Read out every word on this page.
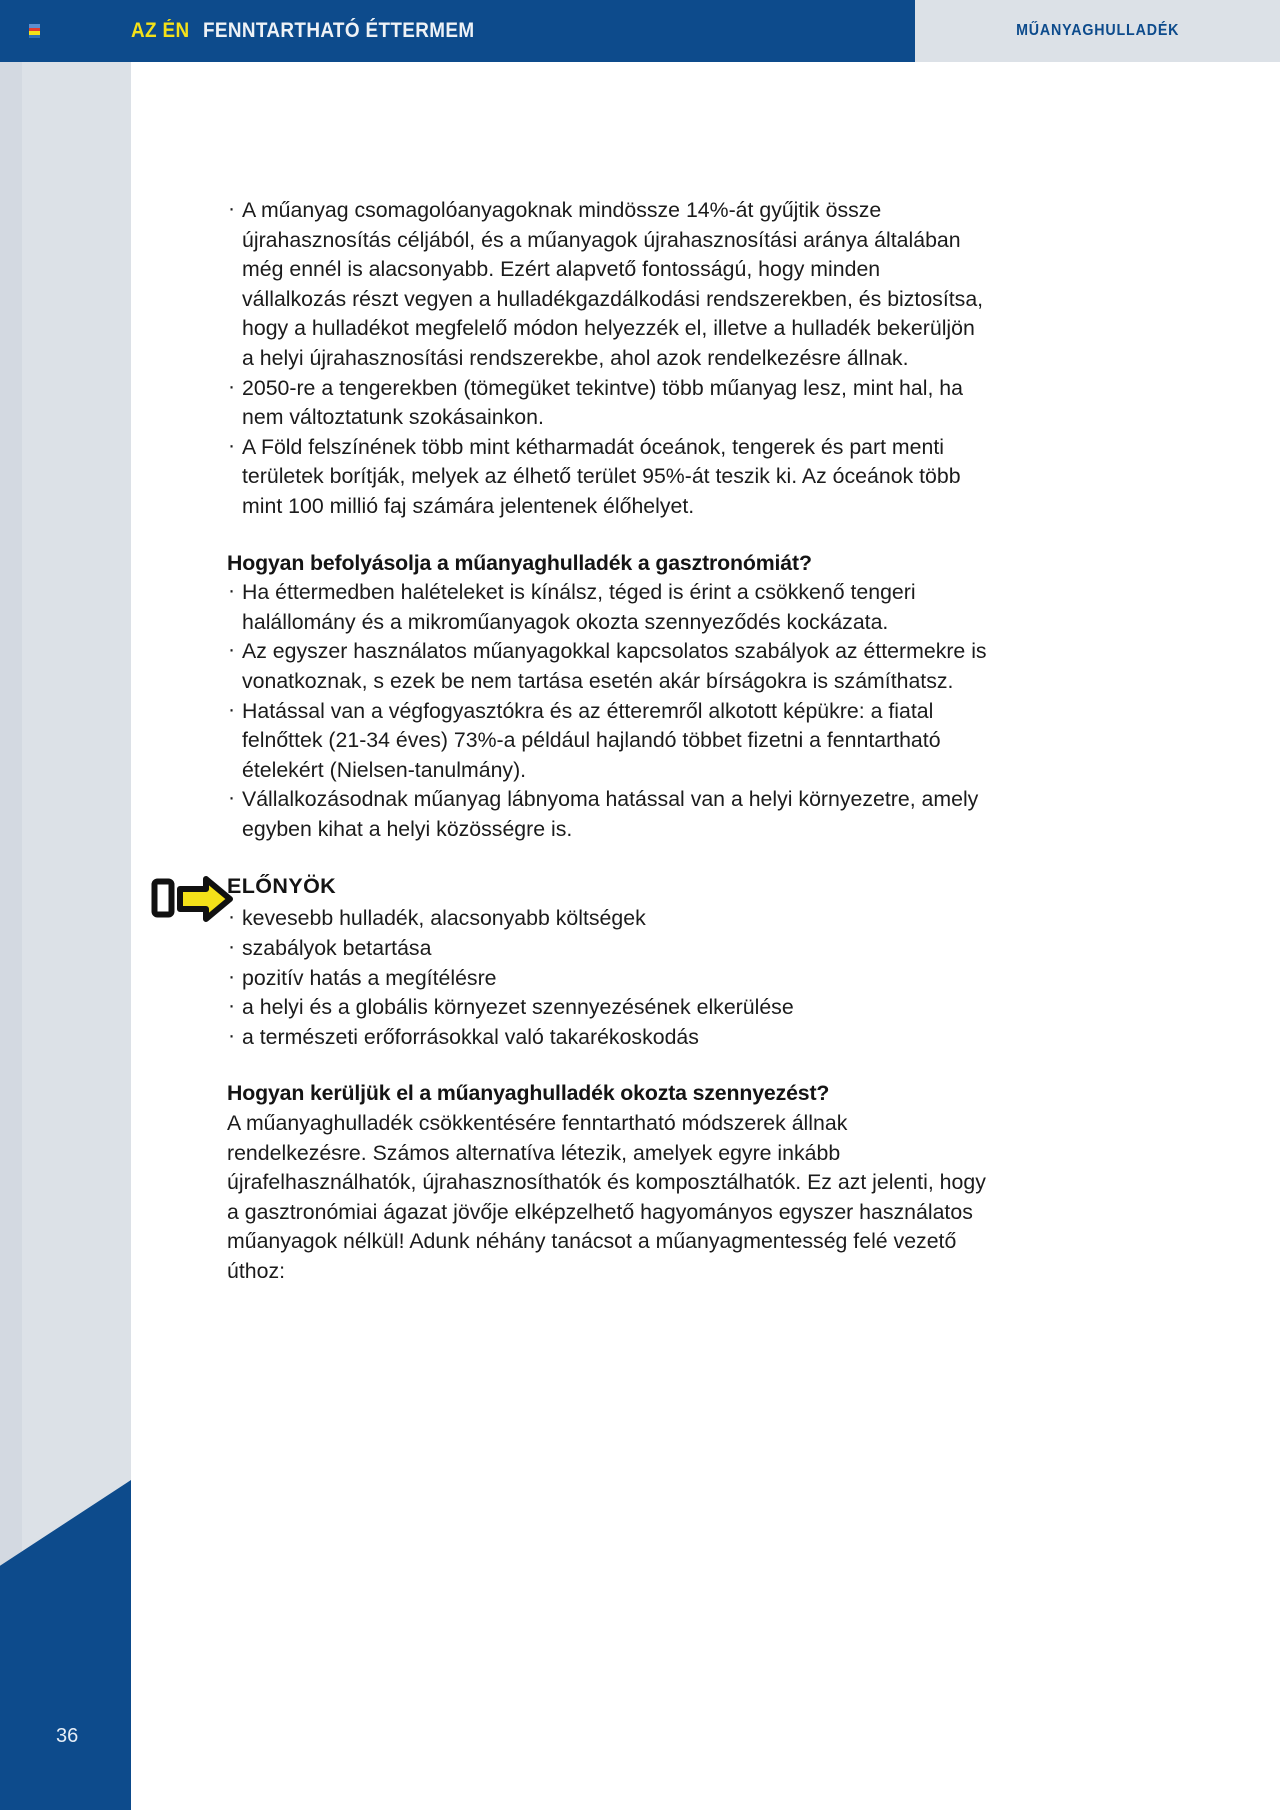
AZ ÉN FENNTARTHATÓ ÉTTERMEM	MŰANYAGHULLADÉK
· A műanyag csomagolóanyagoknak mindössze 14%-át gyűjtik össze újrahasznosítás céljából, és a műanyagok újrahasznosítási aránya általában még ennél is alacsonyabb. Ezért alapvető fontosságú, hogy minden vállalkozás részt vegyen a hulladékgazdálkodási rendszerekben, és biztosítsa, hogy a hulladékot megfelelő módon helyezzék el, illetve a hulladék bekerüljön a helyi újrahasznosítási rendszerekbe, ahol azok rendelkezésre állnak.
· 2050-re a tengerekben (tömegüket tekintve) több műanyag lesz, mint hal, ha nem változtatunk szokásainkon.
· A Föld felszínének több mint kétharmadát óceánok, tengerek és part menti területek borítják, melyek az élhető terület 95%-át teszik ki. Az óceánok több mint 100 millió faj számára jelentenek élőhelyet.

Hogyan befolyásolja a műanyaghulladék a gasztronómiát?

· Ha éttermedben halételeket is kínálsz, téged is érint a csökkenő tengeri halállomány és a mikroműanyagok okozta szennyeződés kockázata.
· Az egyszer használatos műanyagokkal kapcsolatos szabályok az éttermekre is vonatkoznak, s ezek be nem tartása esetén akár bírságokra is számíthatsz.
· Hatással van a végfogyasztókra és az étteremről alkotott képükre: a fiatal felnőttek (21-34 éves) 73%-a például hajlandó többet fizetni a fenntartható ételekért (Nielsen-tanulmány).
· Vállalkozásodnak műanyag lábnyoma hatással van a helyi környezetre, amely egyben kihat a helyi közösségre is.

ELŐNYÖK

· kevesebb hulladék, alacsonyabb költségek
· szabályok betartása
· pozitív hatás a megítélésre
· a helyi és a globális környezet szennyezésének elkerülése
· a természeti erőforrásokkal való takarékoskodás

Hogyan kerüljük el a műanyaghulladék okozta szennyezést?

A műanyaghulladék csökkentésére fenntartható módszerek állnak rendelkezésre. Számos alternatíva létezik, amelyek egyre inkább újrafelhasználhatók, újrahasznosíthatók és komposztálhatók. Ez azt jelenti, hogy a gasztronómiai ágazat jövője elképzelhető hagyományos egyszer használatos műanyagok nélkül! Adunk néhány tanácsot a műanyagmentesség felé vezető úthoz:

36
